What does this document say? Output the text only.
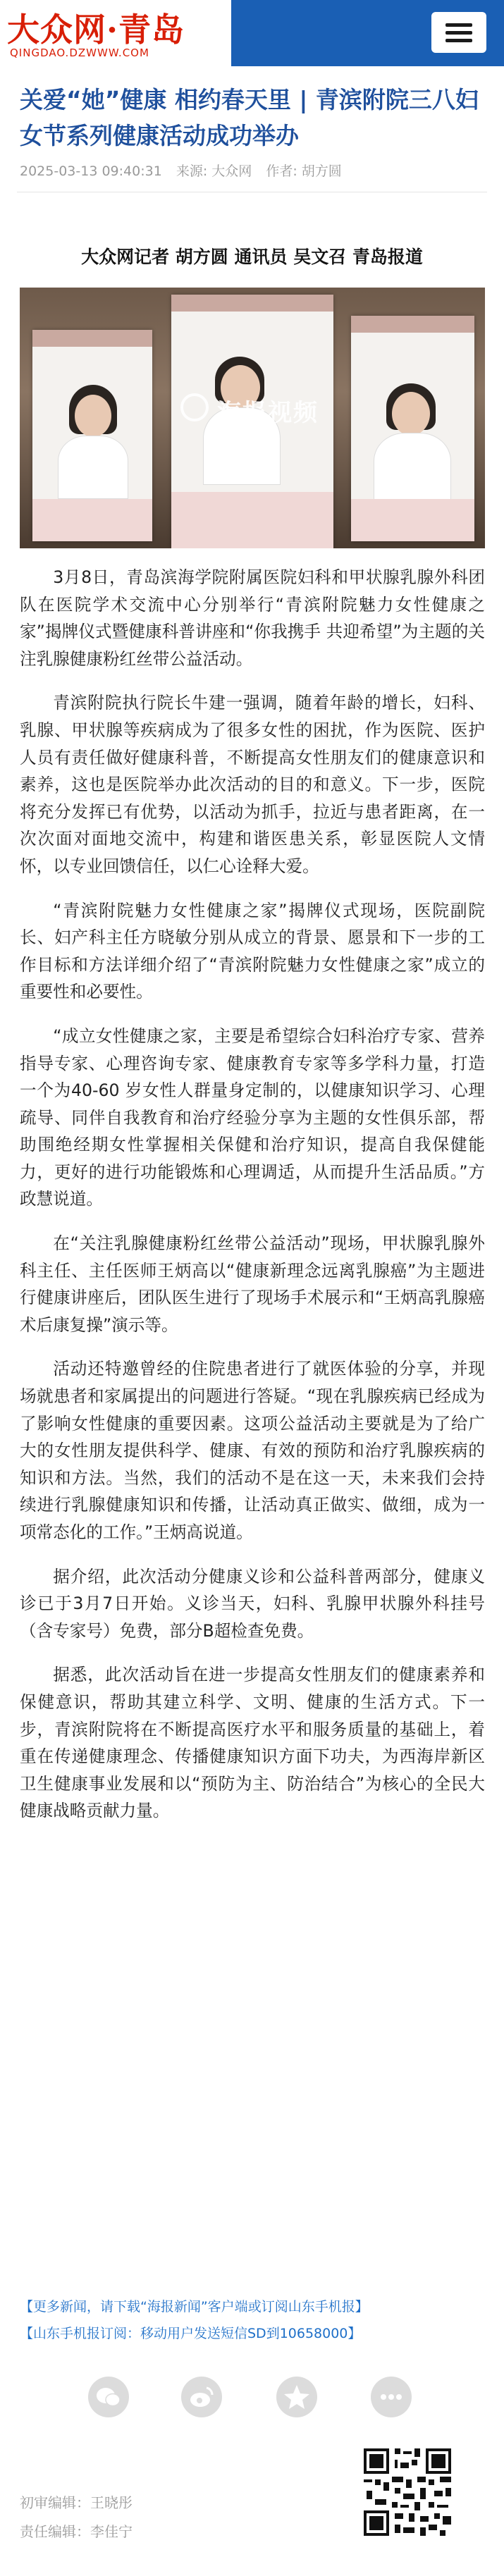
大众网·青岛
QINGDAO.DZWWW.COM
关爱“她”健康 相约春天里 | 青滨附院三八妇女节系列健康活动成功举办
2025-03-13 09:40:31 来源: 大众网 作者: 胡方圆
大众网记者 胡方圆 通讯员 吴文召 青岛报道
海报视频

3月8日，青岛滨海学院附属医院妇科和甲状腺乳腺外科团队在医院学术交流中心分别举行“青滨附院魅力女性健康之家”揭牌仪式暨健康科普讲座和“你我携手 共迎希望”为主题的关注乳腺健康粉红丝带公益活动。

青滨附院执行院长牛建一强调，随着年龄的增长，妇科、乳腺、甲状腺等疾病成为了很多女性的困扰，作为医院、医护人员有责任做好健康科普，不断提高女性朋友们的健康意识和素养，这也是医院举办此次活动的目的和意义。下一步，医院将充分发挥已有优势，以活动为抓手，拉近与患者距离，在一次次面对面地交流中，构建和谐医患关系，彰显医院人文情怀，以专业回馈信任，以仁心诠释大爱。

“青滨附院魅力女性健康之家”揭牌仪式现场，医院副院长、妇产科主任方晓敏分别从成立的背景、愿景和下一步的工作目标和方法详细介绍了“青滨附院魅力女性健康之家”成立的重要性和必要性。

“成立女性健康之家，主要是希望综合妇科治疗专家、营养指导专家、心理咨询专家、健康教育专家等多学科力量，打造一个为40-60 岁女性人群量身定制的，以健康知识学习、心理疏导、同伴自我教育和治疗经验分享为主题的女性俱乐部，帮助围绝经期女性掌握相关保健和治疗知识，提高自我保健能力，更好的进行功能锻炼和心理调适，从而提升生活品质。”方政慧说道。

在“关注乳腺健康粉红丝带公益活动”现场，甲状腺乳腺外科主任、主任医师王炳高以“健康新理念远离乳腺癌”为主题进行健康讲座后，团队医生进行了现场手术展示和“王炳高乳腺癌术后康复操”演示等。

活动还特邀曾经的住院患者进行了就医体验的分享，并现场就患者和家属提出的问题进行答疑。“现在乳腺疾病已经成为了影响女性健康的重要因素。这项公益活动主要就是为了给广大的女性朋友提供科学、健康、有效的预防和治疗乳腺疾病的知识和方法。当然，我们的活动不是在这一天，未来我们会持续进行乳腺健康知识和传播，让活动真正做实、做细，成为一项常态化的工作。”王炳高说道。

据介绍，此次活动分健康义诊和公益科普两部分，健康义诊已于3月7日开始。义诊当天，妇科、乳腺甲状腺外科挂号（含专家号）免费，部分B超检查免费。

据悉，此次活动旨在进一步提高女性朋友们的健康素养和保健意识，帮助其建立科学、文明、健康的生活方式。下一步，青滨附院将在不断提高医疗水平和服务质量的基础上，着重在传递健康理念、传播健康知识方面下功夫，为西海岸新区卫生健康事业发展和以“预防为主、防治结合”为核心的全民大健康战略贡献力量。

【更多新闻，请下载“海报新闻”客户端或订阅山东手机报】
【山东手机报订阅：移动用户发送短信SD到10658000】
初审编辑：王晓彤
责任编辑：李佳宁
